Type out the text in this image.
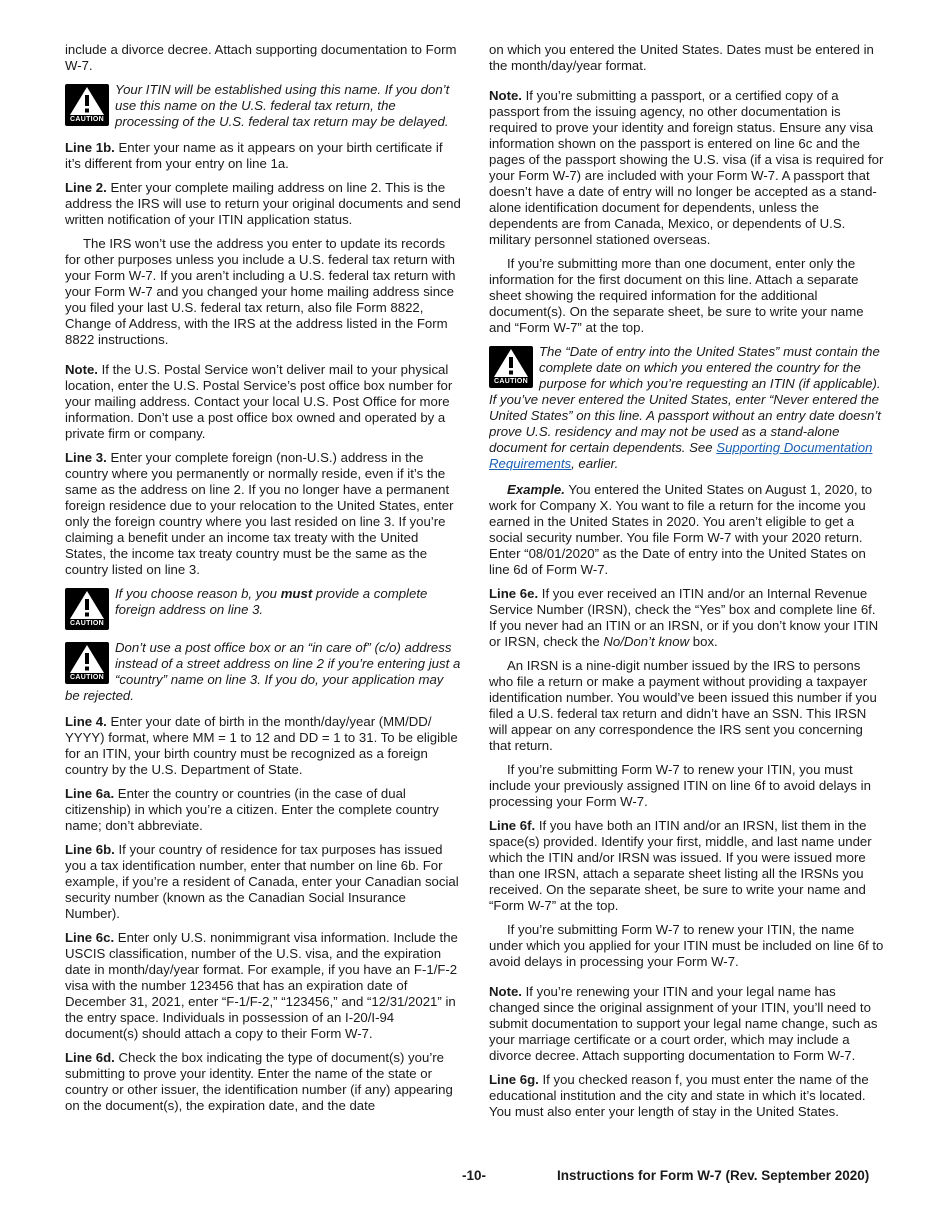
include a divorce decree. Attach supporting documentation to Form W-7.

CAUTION
Your ITIN will be established using this name. If you don’t use this name on the U.S. federal tax return, the processing of the U.S. federal tax return may be delayed.

Line 1b. Enter your name as it appears on your birth certificate if it’s different from your entry on line 1a.

Line 2. Enter your complete mailing address on line 2. This is the address the IRS will use to return your original documents and send written notification of your ITIN application status.

The IRS won’t use the address you enter to update its records for other purposes unless you include a U.S. federal tax return with your Form W-7. If you aren’t including a U.S. federal tax return with your Form W-7 and you changed your home mailing address since you filed your last U.S. federal tax return, also file Form 8822, Change of Address, with the IRS at the address listed in the Form 8822 instructions.

Note. If the U.S. Postal Service won’t deliver mail to your physical location, enter the U.S. Postal Service’s post office box number for your mailing address. Contact your local U.S. Post Office for more information. Don’t use a post office box owned and operated by a private firm or company.

Line 3. Enter your complete foreign (non-U.S.) address in the country where you permanently or normally reside, even if it’s the same as the address on line 2. If you no longer have a permanent foreign residence due to your relocation to the United States, enter only the foreign country where you last resided on line 3. If you’re claiming a benefit under an income tax treaty with the United States, the income tax treaty country must be the same as the country listed on line 3.

CAUTION
If you choose reason b, you must provide a complete foreign address on line 3.
CAUTION
Don’t use a post office box or an “in care of” (c/o) address instead of a street address on line 2 if you’re entering just a “country” name on line 3. If you do, your application may be rejected.

Line 4. Enter your date of birth in the month/day/year (MM/DD/ YYYY) format, where MM = 1 to 12 and DD = 1 to 31. To be eligible for an ITIN, your birth country must be recognized as a foreign country by the U.S. Department of State.

Line 6a. Enter the country or countries (in the case of dual citizenship) in which you’re a citizen. Enter the complete country name; don’t abbreviate.

Line 6b. If your country of residence for tax purposes has issued you a tax identification number, enter that number on line 6b. For example, if you’re a resident of Canada, enter your Canadian social security number (known as the Canadian Social Insurance Number).

Line 6c. Enter only U.S. nonimmigrant visa information. Include the USCIS classification, number of the U.S. visa, and the expiration date in month/day/year format. For example, if you have an F-1/F-2 visa with the number 123456 that has an expiration date of December 31, 2021, enter “F-1/F-2,” “123456,” and “12/31/2021” in the entry space. Individuals in possession of an I-20/I-94 document(s) should attach a copy to their Form W-7.

Line 6d. Check the box indicating the type of document(s) you’re submitting to prove your identity. Enter the name of the state or country or other issuer, the identification number (if any) appearing on the document(s), the expiration date, and the date

on which you entered the United States. Dates must be entered in the month/day/year format.

Note. If you’re submitting a passport, or a certified copy of a passport from the issuing agency, no other documentation is required to prove your identity and foreign status. Ensure any visa information shown on the passport is entered on line 6c and the pages of the passport showing the U.S. visa (if a visa is required for your Form W-7) are included with your Form W-7. A passport that doesn’t have a date of entry will no longer be accepted as a stand-alone identification document for dependents, unless the dependents are from Canada, Mexico, or dependents of U.S. military personnel stationed overseas.

If you’re submitting more than one document, enter only the information for the first document on this line. Attach a separate sheet showing the required information for the additional document(s). On the separate sheet, be sure to write your name and “Form W-7” at the top.

CAUTION
The “Date of entry into the United States” must contain the complete date on which you entered the country for the purpose for which you’re requesting an ITIN (if applicable). If you’ve never entered the United States, enter “Never entered the United States” on this line. A passport without an entry date doesn’t prove U.S. residency and may not be used as a stand-alone document for certain dependents. See Supporting Documentation Requirements, earlier.

Example. You entered the United States on August 1, 2020, to work for Company X. You want to file a return for the income you earned in the United States in 2020. You aren’t eligible to get a social security number. You file Form W-7 with your 2020 return. Enter “08/01/2020” as the Date of entry into the United States on line 6d of Form W-7.

Line 6e. If you ever received an ITIN and/or an Internal Revenue Service Number (IRSN), check the “Yes” box and complete line 6f. If you never had an ITIN or an IRSN, or if you don’t know your ITIN or IRSN, check the No/Don’t know box.

An IRSN is a nine-digit number issued by the IRS to persons who file a return or make a payment without providing a taxpayer identification number. You would’ve been issued this number if you filed a U.S. federal tax return and didn’t have an SSN. This IRSN will appear on any correspondence the IRS sent you concerning that return.

If you’re submitting Form W-7 to renew your ITIN, you must include your previously assigned ITIN on line 6f to avoid delays in processing your Form W-7.

Line 6f. If you have both an ITIN and/or an IRSN, list them in the space(s) provided. Identify your first, middle, and last name under which the ITIN and/or IRSN was issued. If you were issued more than one IRSN, attach a separate sheet listing all the IRSNs you received. On the separate sheet, be sure to write your name and “Form W-7” at the top.

If you’re submitting Form W-7 to renew your ITIN, the name under which you applied for your ITIN must be included on line 6f to avoid delays in processing your Form W-7.

Note. If you’re renewing your ITIN and your legal name has changed since the original assignment of your ITIN, you’ll need to submit documentation to support your legal name change, such as your marriage certificate or a court order, which may include a divorce decree. Attach supporting documentation to Form W-7.

Line 6g. If you checked reason f, you must enter the name of the educational institution and the city and state in which it’s located. You must also enter your length of stay in the United States.

-10-	Instructions for Form W-7 (Rev. September 2020)
